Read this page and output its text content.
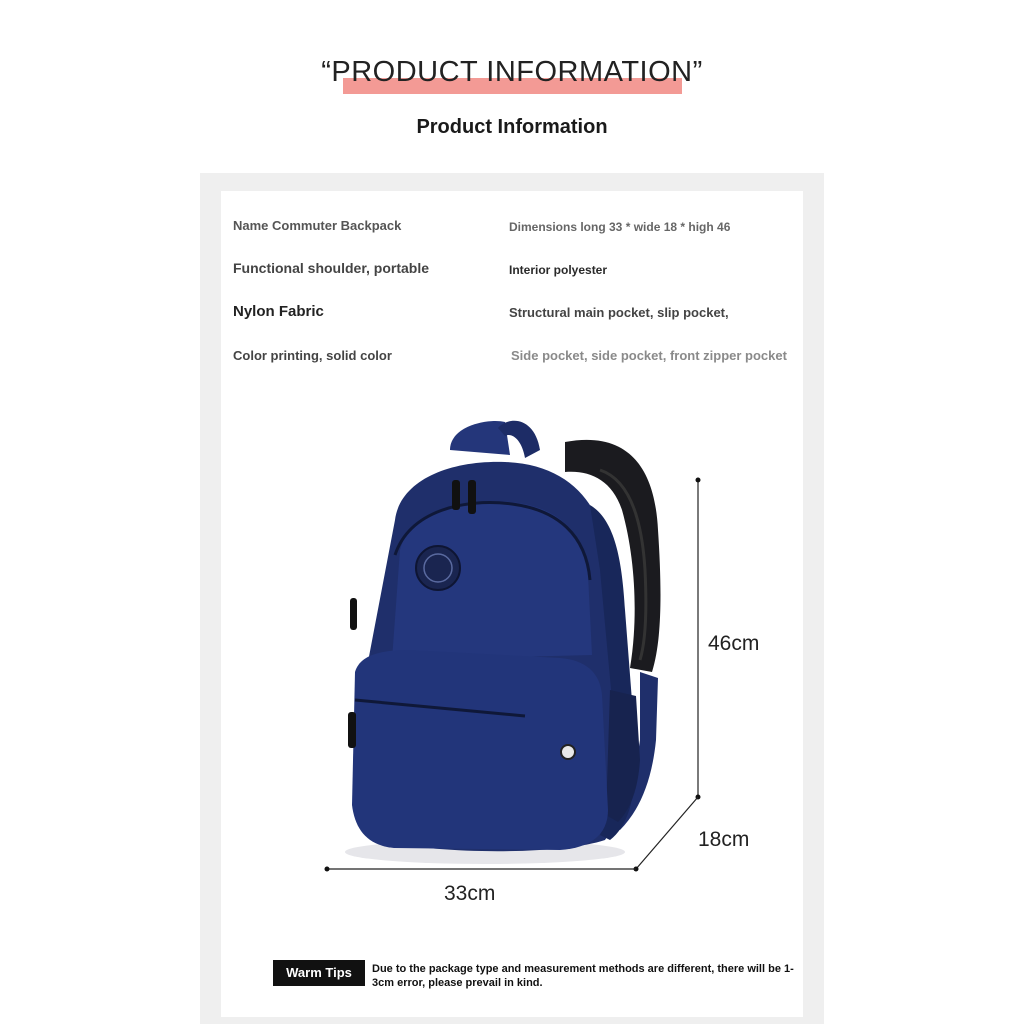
“PRODUCT INFORMATION”
Product Information
Name Commuter Backpack	Dimensions long 33 * wide 18 * high 46
Functional shoulder, portable	Interior polyester
Nylon Fabric	Structural main pocket, slip pocket,
Color printing, solid color	Side pocket, side pocket, front zipper pocket
46cm
18cm
33cm
Warm Tips	Due to the package type and measurement methods are different, there will be 1-3cm error, please prevail in kind.
